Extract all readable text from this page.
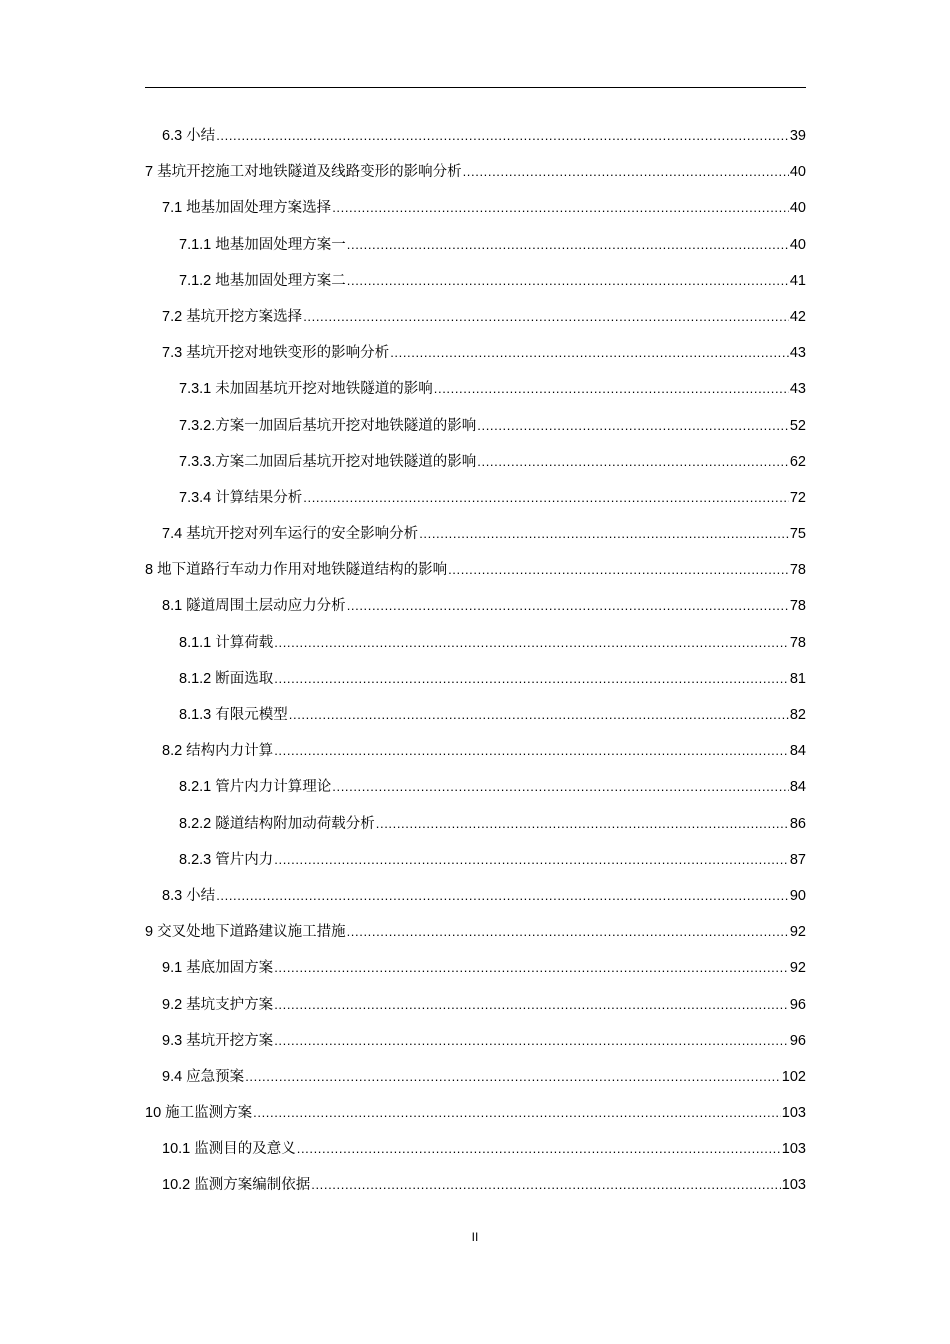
6.3 小结 .....	39
7 基坑开挖施工对地铁隧道及线路变形的影响分析 .....	40
7.1 地基加固处理方案选择 .....	40
7.1.1 地基加固处理方案一 .....	40
7.1.2 地基加固处理方案二 .....	41
7.2 基坑开挖方案选择 .....	42
7.3 基坑开挖对地铁变形的影响分析 .....	43
7.3.1 未加固基坑开挖对地铁隧道的影响 .....	43
7.3.2.方案一加固后基坑开挖对地铁隧道的影响 .....	52
7.3.3.方案二加固后基坑开挖对地铁隧道的影响 .....	62
7.3.4 计算结果分析 .....	72
7.4 基坑开挖对列车运行的安全影响分析 .....	75
8 地下道路行车动力作用对地铁隧道结构的影响 .....	78
8.1 隧道周围土层动应力分析 .....	78
8.1.1 计算荷载 .....	78
8.1.2 断面选取 .....	81
8.1.3 有限元模型 .....	82
8.2 结构内力计算 .....	84
8.2.1 管片内力计算理论 .....	84
8.2.2 隧道结构附加动荷载分析 .....	86
8.2.3 管片内力 .....	87
8.3 小结 .....	90
9 交叉处地下道路建议施工措施 .....	92
9.1 基底加固方案 .....	92
9.2 基坑支护方案 .....	96
9.3 基坑开挖方案 .....	96
9.4 应急预案 .....	102
10 施工监测方案 .....	103
10.1 监测目的及意义 .....	103
10.2 监测方案编制依据 .....	103
II
